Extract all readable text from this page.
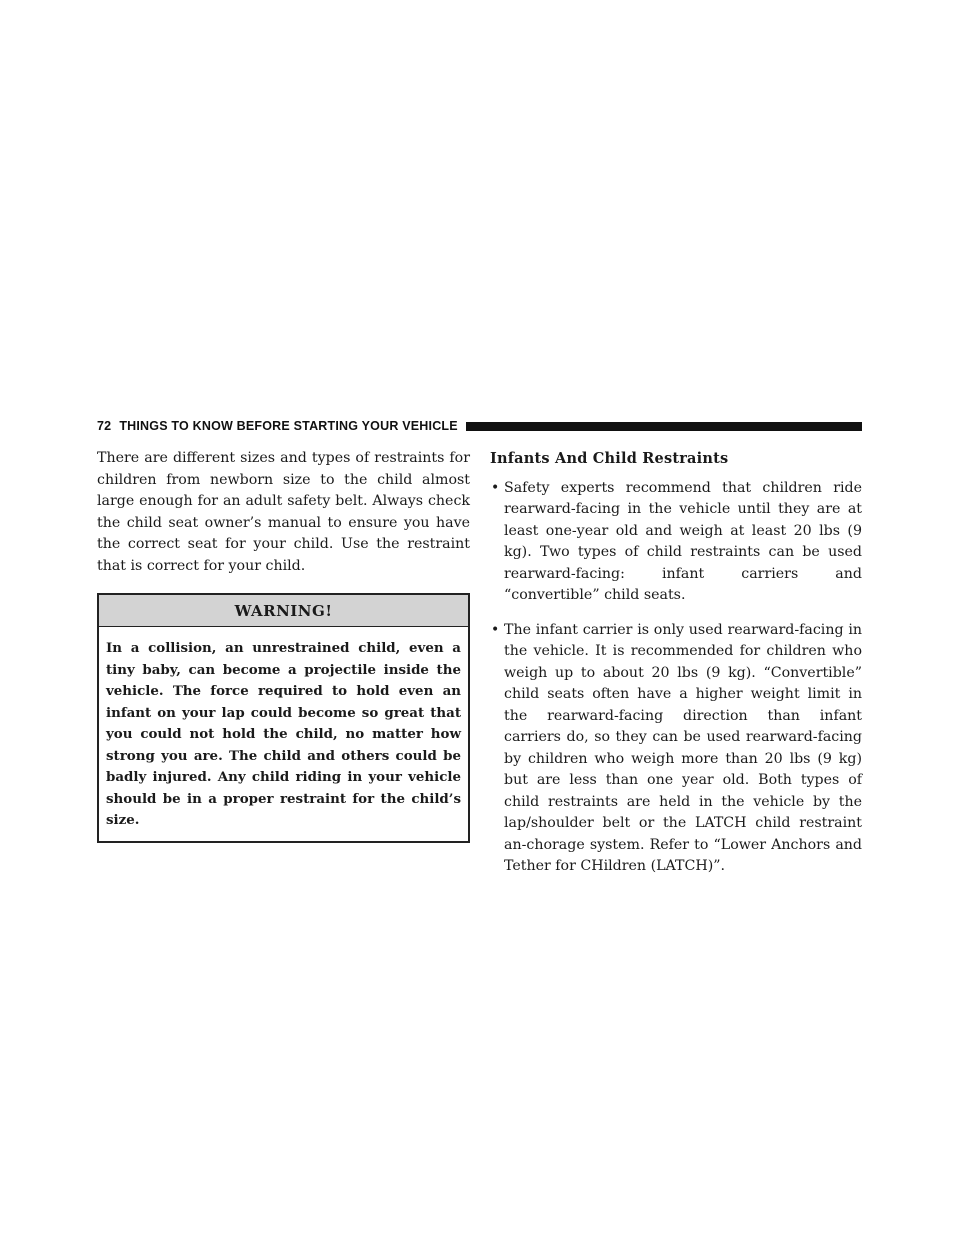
72 THINGS TO KNOW BEFORE STARTING YOUR VEHICLE

There are different sizes and types of restraints for children from newborn size to the child almost large enough for an adult safety belt. Always check the child seat owner’s manual to ensure you have the correct seat for your child. Use the restraint that is correct for your child.

WARNING!

In a collision, an unrestrained child, even a tiny baby, can become a projectile inside the vehicle. The force required to hold even an infant on your lap could become so great that you could not hold the child, no matter how strong you are. The child and others could be badly injured. Any child riding in your vehicle should be in a proper restraint for the child’s size.

Infants And Child Restraints
• Safety experts recommend that children ride rearward-facing in the vehicle until they are at least one-year old and weigh at least 20 lbs (9 kg). Two types of child restraints can be used rearward-facing: infant carriers and “convertible” child seats.
• The infant carrier is only used rearward-facing in the vehicle. It is recommended for children who weigh up to about 20 lbs (9 kg). “Convertible” child seats often have a higher weight limit in the rearward-facing direction than infant carriers do, so they can be used rearward-facing by children who weigh more than 20 lbs (9 kg) but are less than one year old. Both types of child restraints are held in the vehicle by the lap/shoulder belt or the LATCH child restraint an-chorage system. Refer to “Lower Anchors and Tether for CHildren (LATCH)”.
